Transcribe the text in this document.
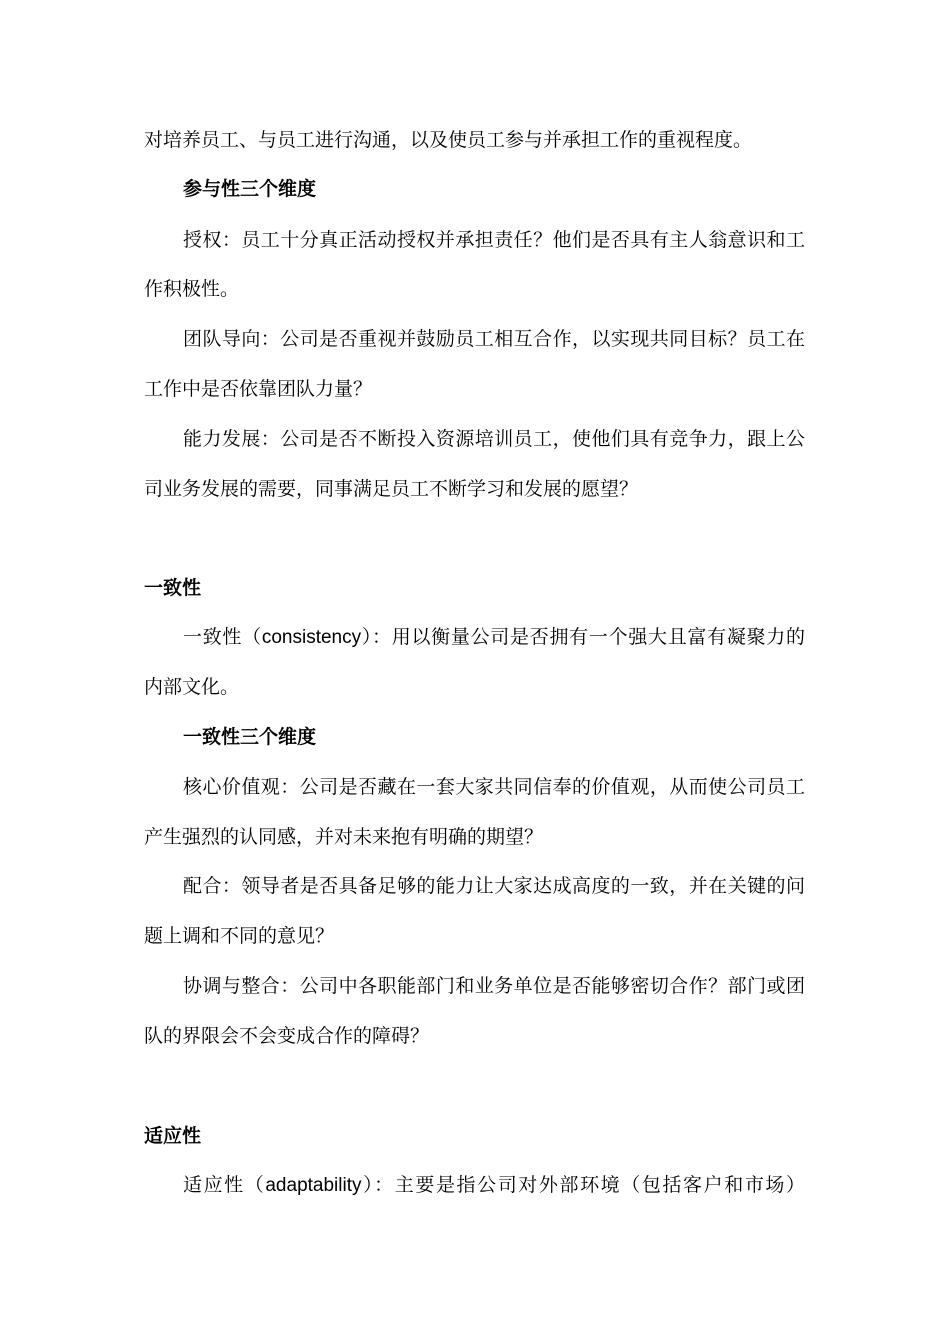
对培养员工、与员工进行沟通，以及使员工参与并承担工作的重视程度。
参与性三个维度
授权：员工十分真正活动授权并承担责任？他们是否具有主人翁意识和工
作积极性。
团队导向：公司是否重视并鼓励员工相互合作，以实现共同目标？员工在
工作中是否依靠团队力量？
能力发展：公司是否不断投入资源培训员工，使他们具有竞争力，跟上公
司业务发展的需要，同事满足员工不断学习和发展的愿望？
一致性
一致性（consistency）：用以衡量公司是否拥有一个强大且富有凝聚力的
内部文化。
一致性三个维度
核心价值观：公司是否藏在一套大家共同信奉的价值观，从而使公司员工
产生强烈的认同感，并对未来抱有明确的期望？
配合：领导者是否具备足够的能力让大家达成高度的一致，并在关键的问
题上调和不同的意见？
协调与整合：公司中各职能部门和业务单位是否能够密切合作？部门或团
队的界限会不会变成合作的障碍？
适应性
适应性（adaptability）：主要是指公司对外部环境（包括客户和市场）
